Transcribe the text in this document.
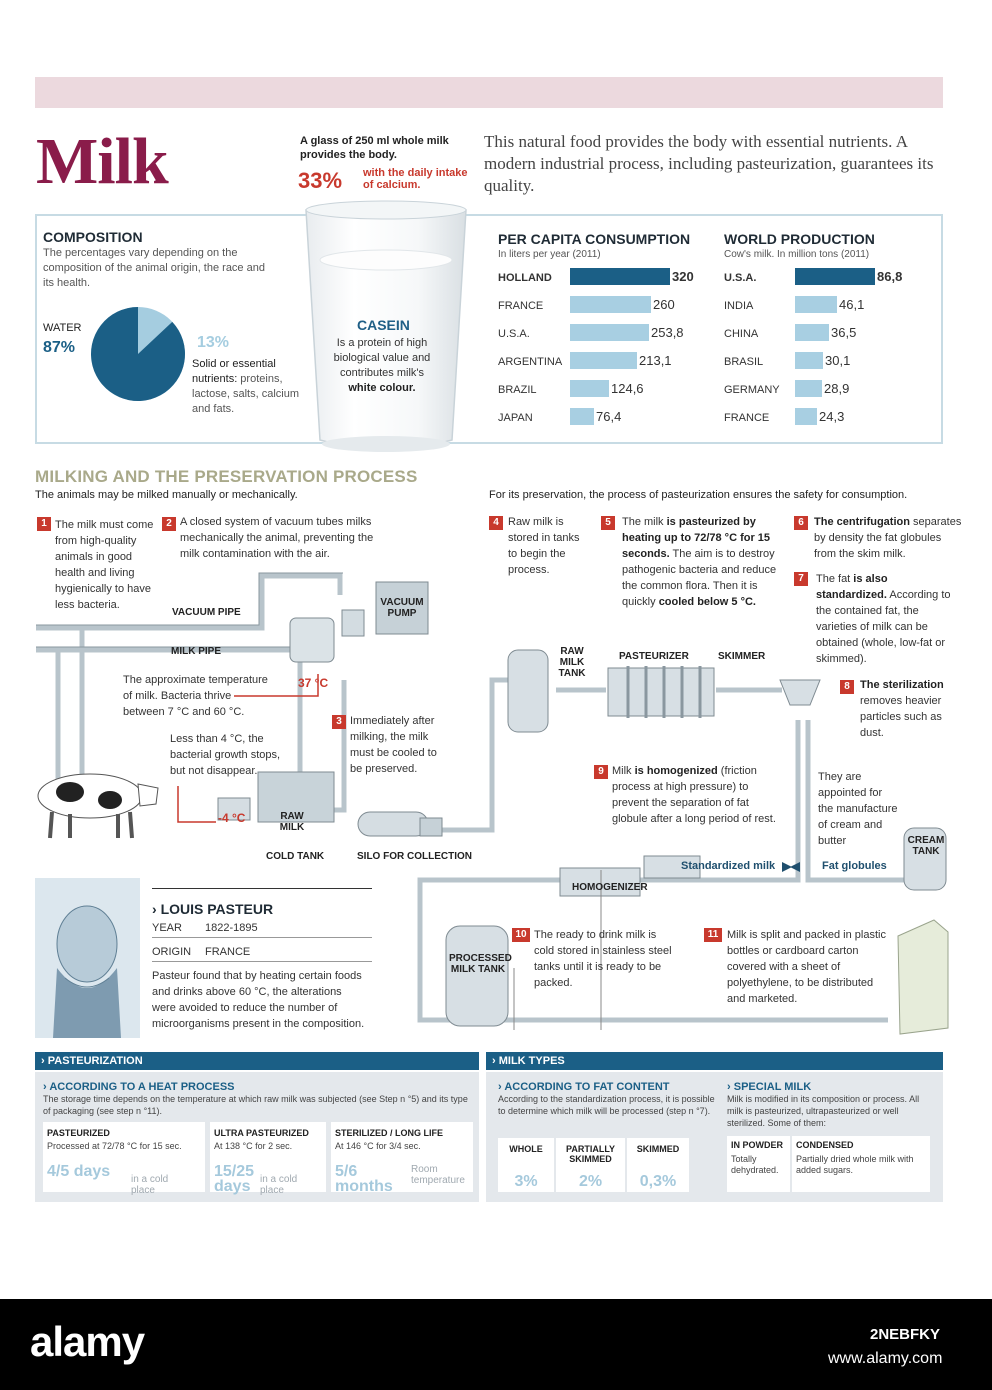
Milk	A glass of 250 ml whole milk provides the body.
33% with the daily intake of calcium.
This natural food provides the body with essential nutrients. A modern industrial process, including pasteurization, guarantees its quality.
COMPOSITION
The percentages vary depending on the composition of the animal origin, the race and its health.
WATER
87%	13%
Solid or essential nutrients: proteins, lactose, salts, calcium and fats.
CASEIN
Is a protein of high biological value and contributes milk's white colour.
PER CAPITA CONSUMPTION
In liters per year (2011)
HOLLAND	320
FRANCE	260
U.S.A.	253,8
ARGENTINA	213,1
BRAZIL	124,6
JAPAN	76,4
WORLD PRODUCTION
Cow's milk. In million tons (2011)
U.S.A.	86,8
INDIA	46,1
CHINA	36,5
BRASIL	30,1
GERMANY	28,9
FRANCE	24,3
MILKING AND THE PRESERVATION PROCESS
The animals may be milked manually or mechanically.	For its preservation, the process of pasteurization ensures the safety for consumption.
1 The milk must come from high-quality animals in good health and living hygienically to have less bacteria.
2 A closed system of vacuum tubes milks mechanically the animal, preventing the milk contamination with the air.
3 Immediately after milking, the milk must be cooled to be preserved.
4 Raw milk is stored in tanks to begin the process.
5	The milk is pasteurized by heating up to 72/78 °C for 15 seconds. The aim is to destroy pathogenic bacteria and reduce the common flora. Then it is quickly cooled below 5 °C.
6 The centrifugation separates by density the fat globules from the skim milk.
7	The fat is also standardized. According to the contained fat, the varieties of milk can be obtained (whole, low-fat or skimmed).
8 The sterilization removes heavier particles such as dust.
9 Milk is homogenized (friction process at high pressure) to prevent the separation of fat globule after a long period of rest.
They are appointed for the manufacture of cream and butter
10 The ready to drink milk is cold stored in stainless steel tanks until it is ready to be packed.
11 Milk is split and packed in plastic bottles or cardboard carton covered with a sheet of polyethylene, to be distributed and marketed.
The approximate temperature of milk. Bacteria thrive between 7 °C and 60 °C.
Less than 4 °C, the bacterial growth stops, but not disappear.
37 °C
-4 °C
VACUUM PIPE
VACUUM PUMP
MILK PIPE
RAW MILK
COLD TANK	SILO FOR COLLECTION
RAW MILK TANK
PASTEURIZER	SKIMMER
CREAM TANK
HOMOGENIZER
PROCESSED MILK TANK
Standardized milk	Fat globules
› LOUIS PASTEUR
YEAR 1822-1895
ORIGIN FRANCE
Pasteur found that by heating certain foods and drinks above 60 °C, the alterations were avoided to reduce the number of microorganisms present in the composition.
› PASTEURIZATION	› MILK TYPES
› ACCORDING TO A HEAT PROCESS
The storage time depends on the temperature at which raw milk was subjected (see Step n °5) and its type of packaging (see step n °11).
PASTEURIZED
Processed at 72/78 °C for 15 sec.
4/5 days	in a cold place
ULTRA PASTEURIZED
At 138 °C for 2 sec.
15/25 days in a cold place
STERILIZED / LONG LIFE
At 146 °C for 3/4 sec.
5/6 months
Room temperature
› ACCORDING TO FAT CONTENT
According to the standardization process, it is possible to determine which milk will be processed (step n °7).
WHOLE
3%
PARTIALLY SKIMMED
2%
SKIMMED
0,3%
› SPECIAL MILK
Milk is modified in its composition or process. All milk is pasteurized, ultrapasteurized or well sterilized. Some of them:
IN POWDER
Totally dehydrated.
CONDENSED
Partially dried whole milk with added sugars.
alamy	2NEBFKY
www.alamy.com
